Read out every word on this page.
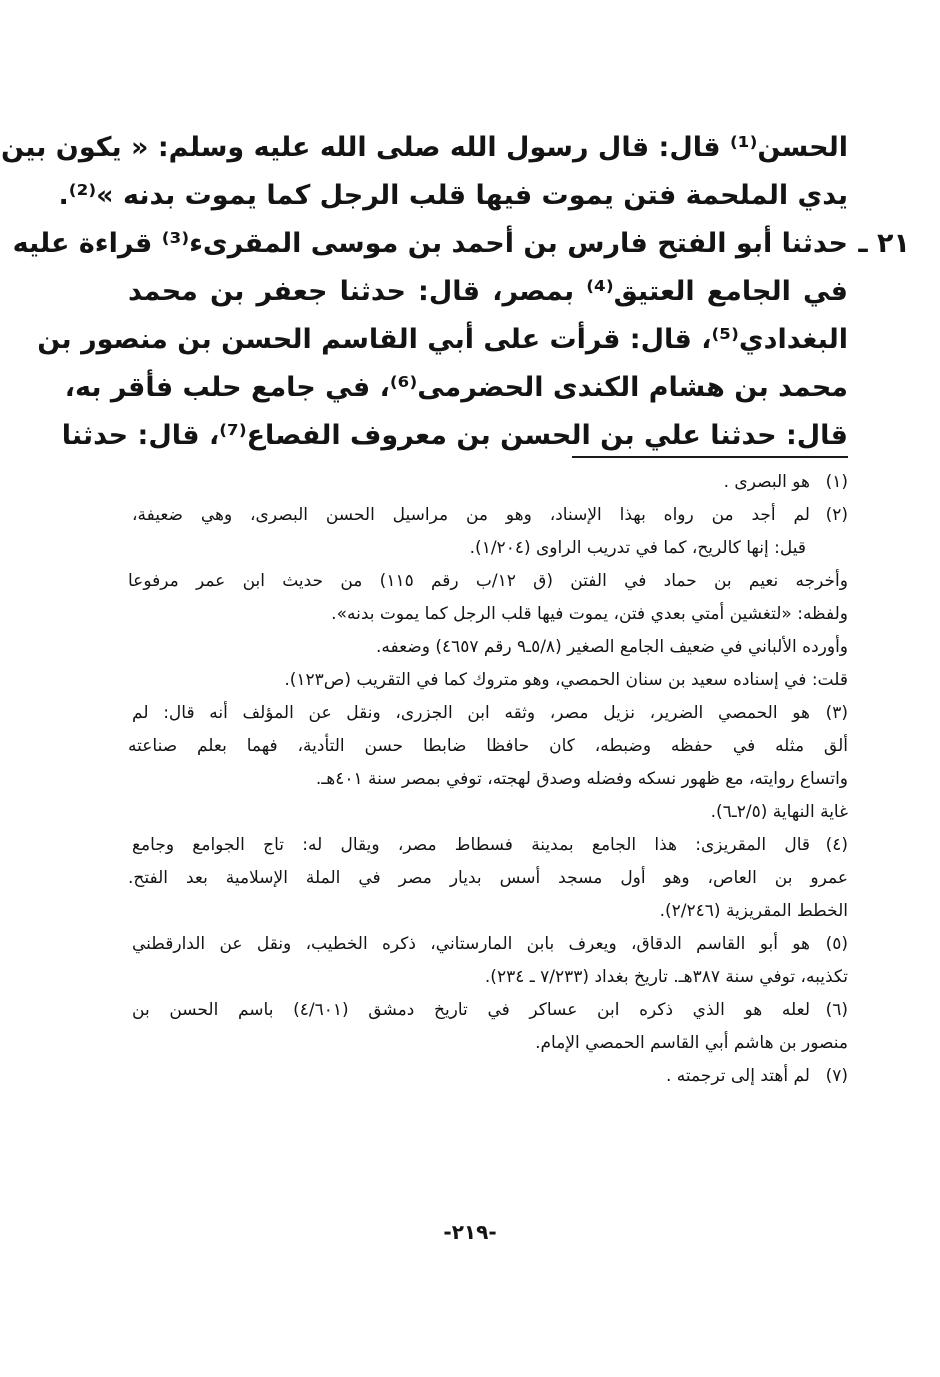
الحسن⁽¹⁾ قال: قال رسول الله صلى الله عليه وسلم: « يكون بين
يدي الملحمة فتن يموت فيها قلب الرجل كما يموت بدنه »⁽²⁾.
٢١ ـ
حدثنا أبو الفتح فارس بن أحمد بن موسى المقرىء⁽³⁾ قراءة عليه
في الجامع العتيق⁽⁴⁾ بمصر، قال: حدثنا جعفر بن محمد
البغدادي⁽⁵⁾، قال: قرأت على أبي القاسم الحسن بن منصور بن
محمد بن هشام الكندى الحضرمى⁽⁶⁾، في جامع حلب فأقر به،
قال: حدثنا علي بن الحسن بن معروف الفصاع⁽⁷⁾، قال: حدثنا
(١)هو البصرى .
(٢)لم أجد من رواه بهذا الإسناد، وهو من مراسيل الحسن البصرى، وهي ضعيفة،
قيل: إنها كالريح، كما في تدريب الراوى (١/٢٠٤).
وأخرجه نعيم بن حماد في الفتن (ق ١٢/ب رقم ١١٥) من حديث ابن عمر مرفوعا
ولفظه: «لتغشين أمتي بعدي فتن، يموت فيها قلب الرجل كما يموت بدنه».
وأورده الألباني في ضعيف الجامع الصغير (٥/٨ـ٩ رقم ٤٦٥٧) وضعفه.
قلت: في إسناده سعيد بن سنان الحمصي، وهو متروك كما في التقريب (ص١٢٣).
(٣)هو الحمصي الضرير، نزيل مصر، وثقه ابن الجزرى، ونقل عن المؤلف أنه قال: لم
ألق مثله في حفظه وضبطه، كان حافظا ضابطا حسن التأدية، فهما بعلم صناعته
واتساع روايته، مع ظهور نسكه وفضله وصدق لهجته، توفي بمصر سنة ٤٠١هـ.
غاية النهاية (٢/٥ـ٦).
(٤)قال المقريزى: هذا الجامع بمدينة فسطاط مصر، ويقال له: تاج الجوامع وجامع
عمرو بن العاص، وهو أول مسجد أسس بديار مصر في الملة الإسلامية بعد الفتح.
الخطط المقريزية (٢/٢٤٦).
(٥)هو أبو القاسم الدقاق، ويعرف بابن المارستاني، ذكره الخطيب، ونقل عن الدارقطني
تكذيبه، توفي سنة ٣٨٧هـ. تاريخ بغداد (٧/٢٣٣ ـ ٢٣٤).
(٦)لعله هو الذي ذكره ابن عساكر في تاريخ دمشق (٤/٦٠١) باسم الحسن بن
منصور بن هاشم أبي القاسم الحمصي الإمام.
(٧)لم أهتد إلى ترجمته .
-٢١٩-
